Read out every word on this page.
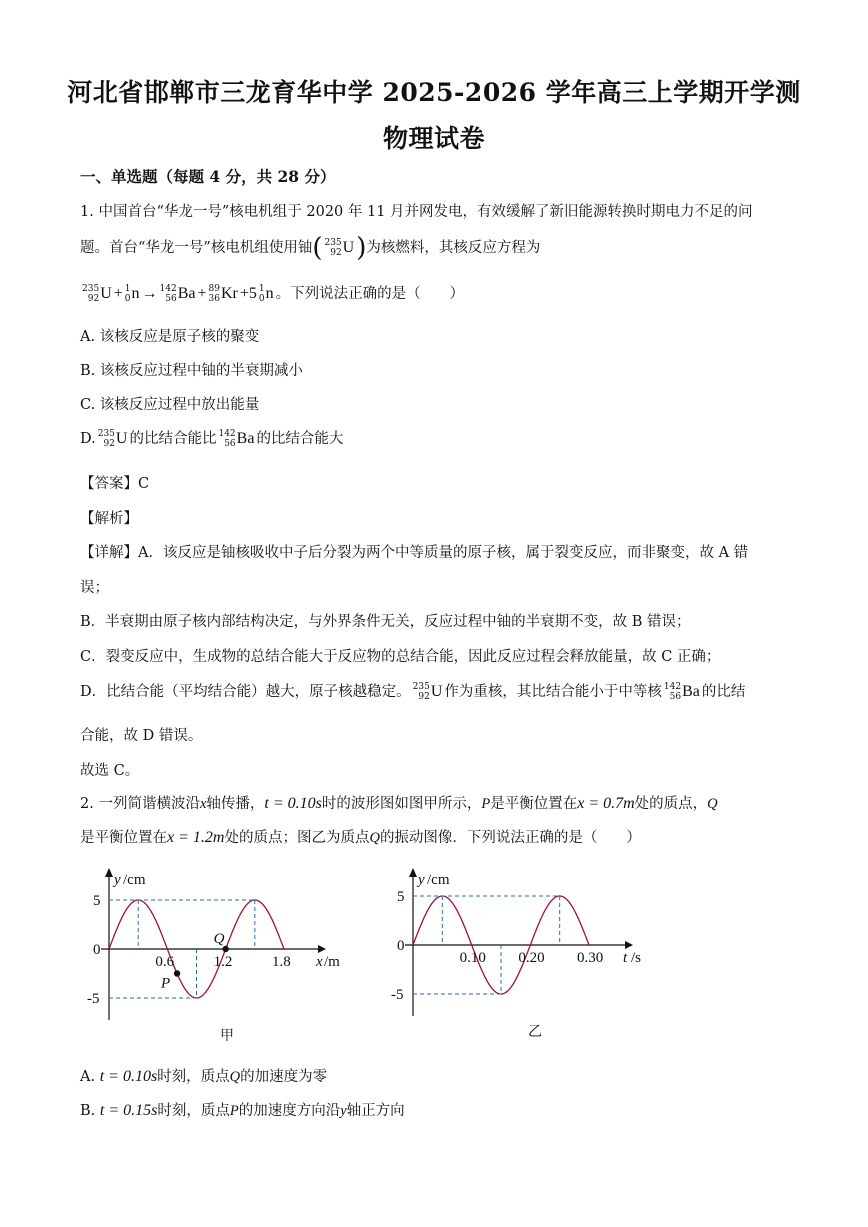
河北省邯郸市三龙育华中学 2025-2026 学年高三上学期开学测物理试卷
一、单选题（每题 4 分，共 28 分）
1. 中国首台“华龙一号”核电机组于 2020 年 11 月并网发电，有效缓解了新旧能源转换时期电力不足的问
题。首台“华龙一号”核电机组使用铀( 235
92 U)为核燃料，其核反应方程为
235
92 U + 1
0 n → 142
56 Ba + 89
36 Kr +5 1
0 n 。下列说法正确的是（　　）
A. 该核反应是原子核的聚变
B. 该核反应过程中铀的半衰期减小
C. 该核反应过程中放出能量
D. 235
92 U 的比结合能比 142
56 Ba 的比结合能大
【答案】C
【解析】
【详解】A．该反应是铀核吸收中子后分裂为两个中等质量的原子核，属于裂变反应，而非聚变，故 A 错
误；
B．半衰期由原子核内部结构决定，与外界条件无关，反应过程中铀的半衰期不变，故 B 错误；
C．裂变反应中，生成物的总结合能大于反应物的总结合能，因此反应过程会释放能量，故 C 正确；
D．比结合能（平均结合能）越大，原子核越稳定。 235
92 U 作为重核，其比结合能小于中等核 142
56 Ba 的比结
合能，故 D 错误。
故选 C。
2. 一列简谐横波沿x轴传播，t = 0.10s时的波形图如图甲所示，P是平衡位置在x = 0.7m处的质点，Q
是平衡位置在x = 1.2m处的质点；图乙为质点Q的振动图像．下列说法正确的是（　　）
y /cm
5
0
-5
0.6	1.2	1.8 x /m
甲
P
Q
y /cm
5
0
-5
0.10 0.20 0.30 t /s
乙
A. t = 0.10s时刻，质点Q的加速度为零
B. t = 0.15s时刻，质点P的加速度方向沿y轴正方向
